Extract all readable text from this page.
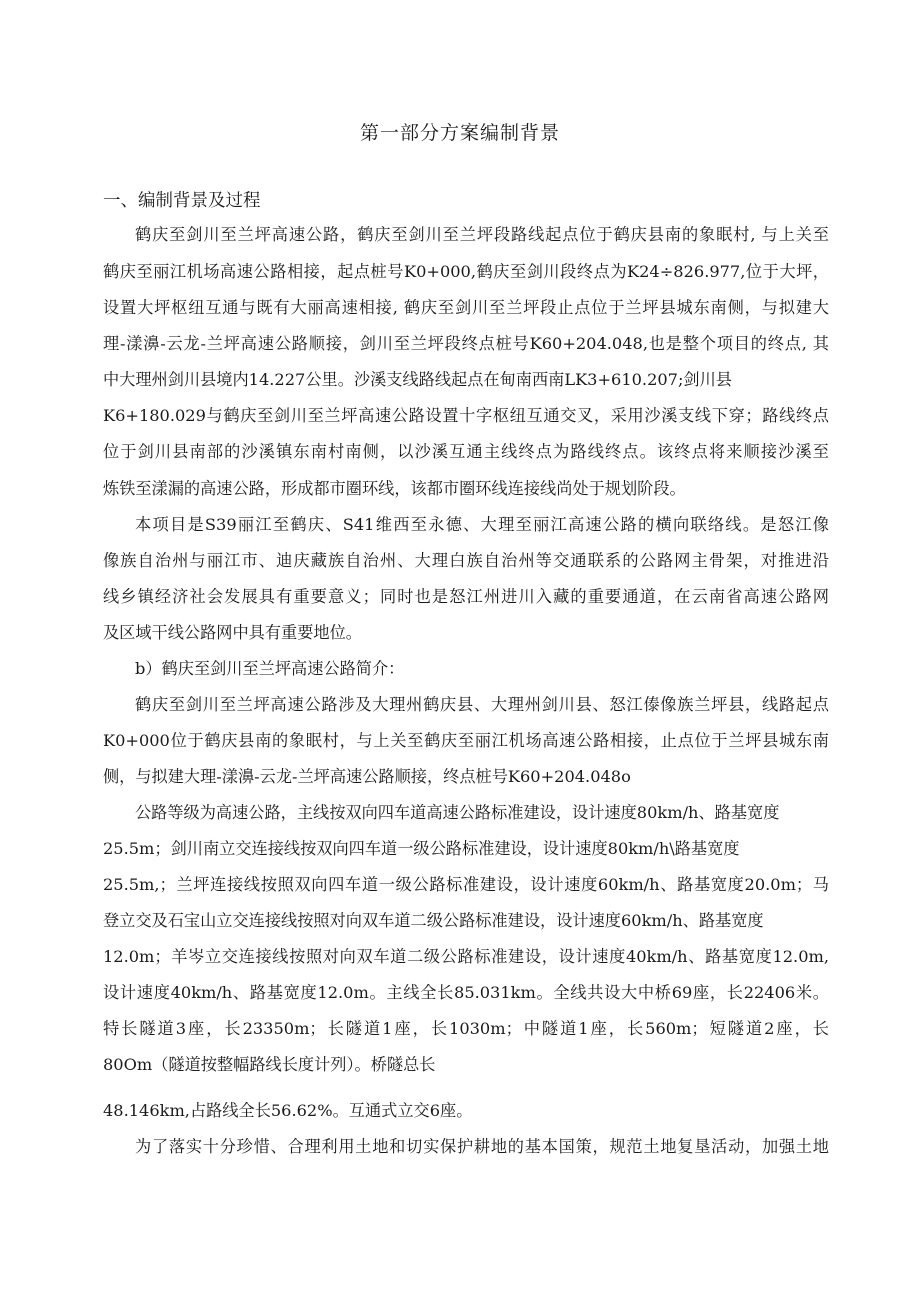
第一部分方案编制背景
一、编制背景及过程
鹤庆至剑川至兰坪高速公路，鹤庆至剑川至兰坪段路线起点位于鹤庆县南的象眠村, 与上关至
鹤庆至丽江机场高速公路相接，起点桩号K0+000,鹤庆至剑川段终点为K24÷826.977,位于大坪，
设置大坪枢纽互通与既有大丽高速相接, 鹤庆至剑川至兰坪段止点位于兰坪县城东南侧，与拟建大
理-漾濞-云龙-兰坪高速公路顺接，剑川至兰坪段终点桩号K60+204.048,也是整个项目的终点, 其
中大理州剑川县境内14.227公里。沙溪支线路线起点在甸南西南LK3+610.207;剑川县
K6+180.029与鹤庆至剑川至兰坪高速公路设置十字枢纽互通交叉，采用沙溪支线下穿；路线终点
位于剑川县南部的沙溪镇东南村南侧，以沙溪互通主线终点为路线终点。该终点将来顺接沙溪至
炼铁至漾漏的高速公路，形成都市圈环线，该都市圈环线连接线尚处于规划阶段。
本项目是S39丽江至鹤庆、S41维西至永德、大理至丽江高速公路的横向联络线。是怒江像
像族自治州与丽江市、迪庆藏族自治州、大理白族自治州等交通联系的公路网主骨架，对推进沿
线乡镇经济社会发展具有重要意义；同时也是怒江州进川入藏的重要通道，在云南省高速公路网
及区域干线公路网中具有重要地位。
b）鹤庆至剑川至兰坪高速公路简介：
鹤庆至剑川至兰坪高速公路涉及大理州鹤庆县、大理州剑川县、怒江傣像族兰坪县，线路起点
K0+000位于鹤庆县南的象眠村，与上关至鹤庆至丽江机场高速公路相接，止点位于兰坪县城东南
侧，与拟建大理-漾濞-云龙-兰坪高速公路顺接，终点桩号K60+204.048o
公路等级为高速公路，主线按双向四车道高速公路标准建设，设计速度80km/h、路基宽度
25.5m；剑川南立交连接线按双向四车道一级公路标准建设，设计速度80km/h\路基宽度
25.5m,；兰坪连接线按照双向四车道一级公路标准建设，设计速度60km/h、路基宽度20.0m；马
登立交及石宝山立交连接线按照对向双车道二级公路标准建设，设计速度60km/h、路基宽度
12.0m；羊岑立交连接线按照对向双车道二级公路标准建设，设计速度40km/h、路基宽度12.0m,
设计速度40km/h、路基宽度12.0m。主线全长85.031km。全线共设大中桥69座，长22406米。
特长隧道3座，长23350m；长隧道1座，长1030m；中隧道1座，长560m；短隧道2座，长
80Om（隧道按整幅路线长度计列）。桥隧总长
48.146km,占路线全长56.62%。互通式立交6座。
为了落实十分珍惜、合理利用土地和切实保护耕地的基本国策，规范土地复垦活动，加强土地
